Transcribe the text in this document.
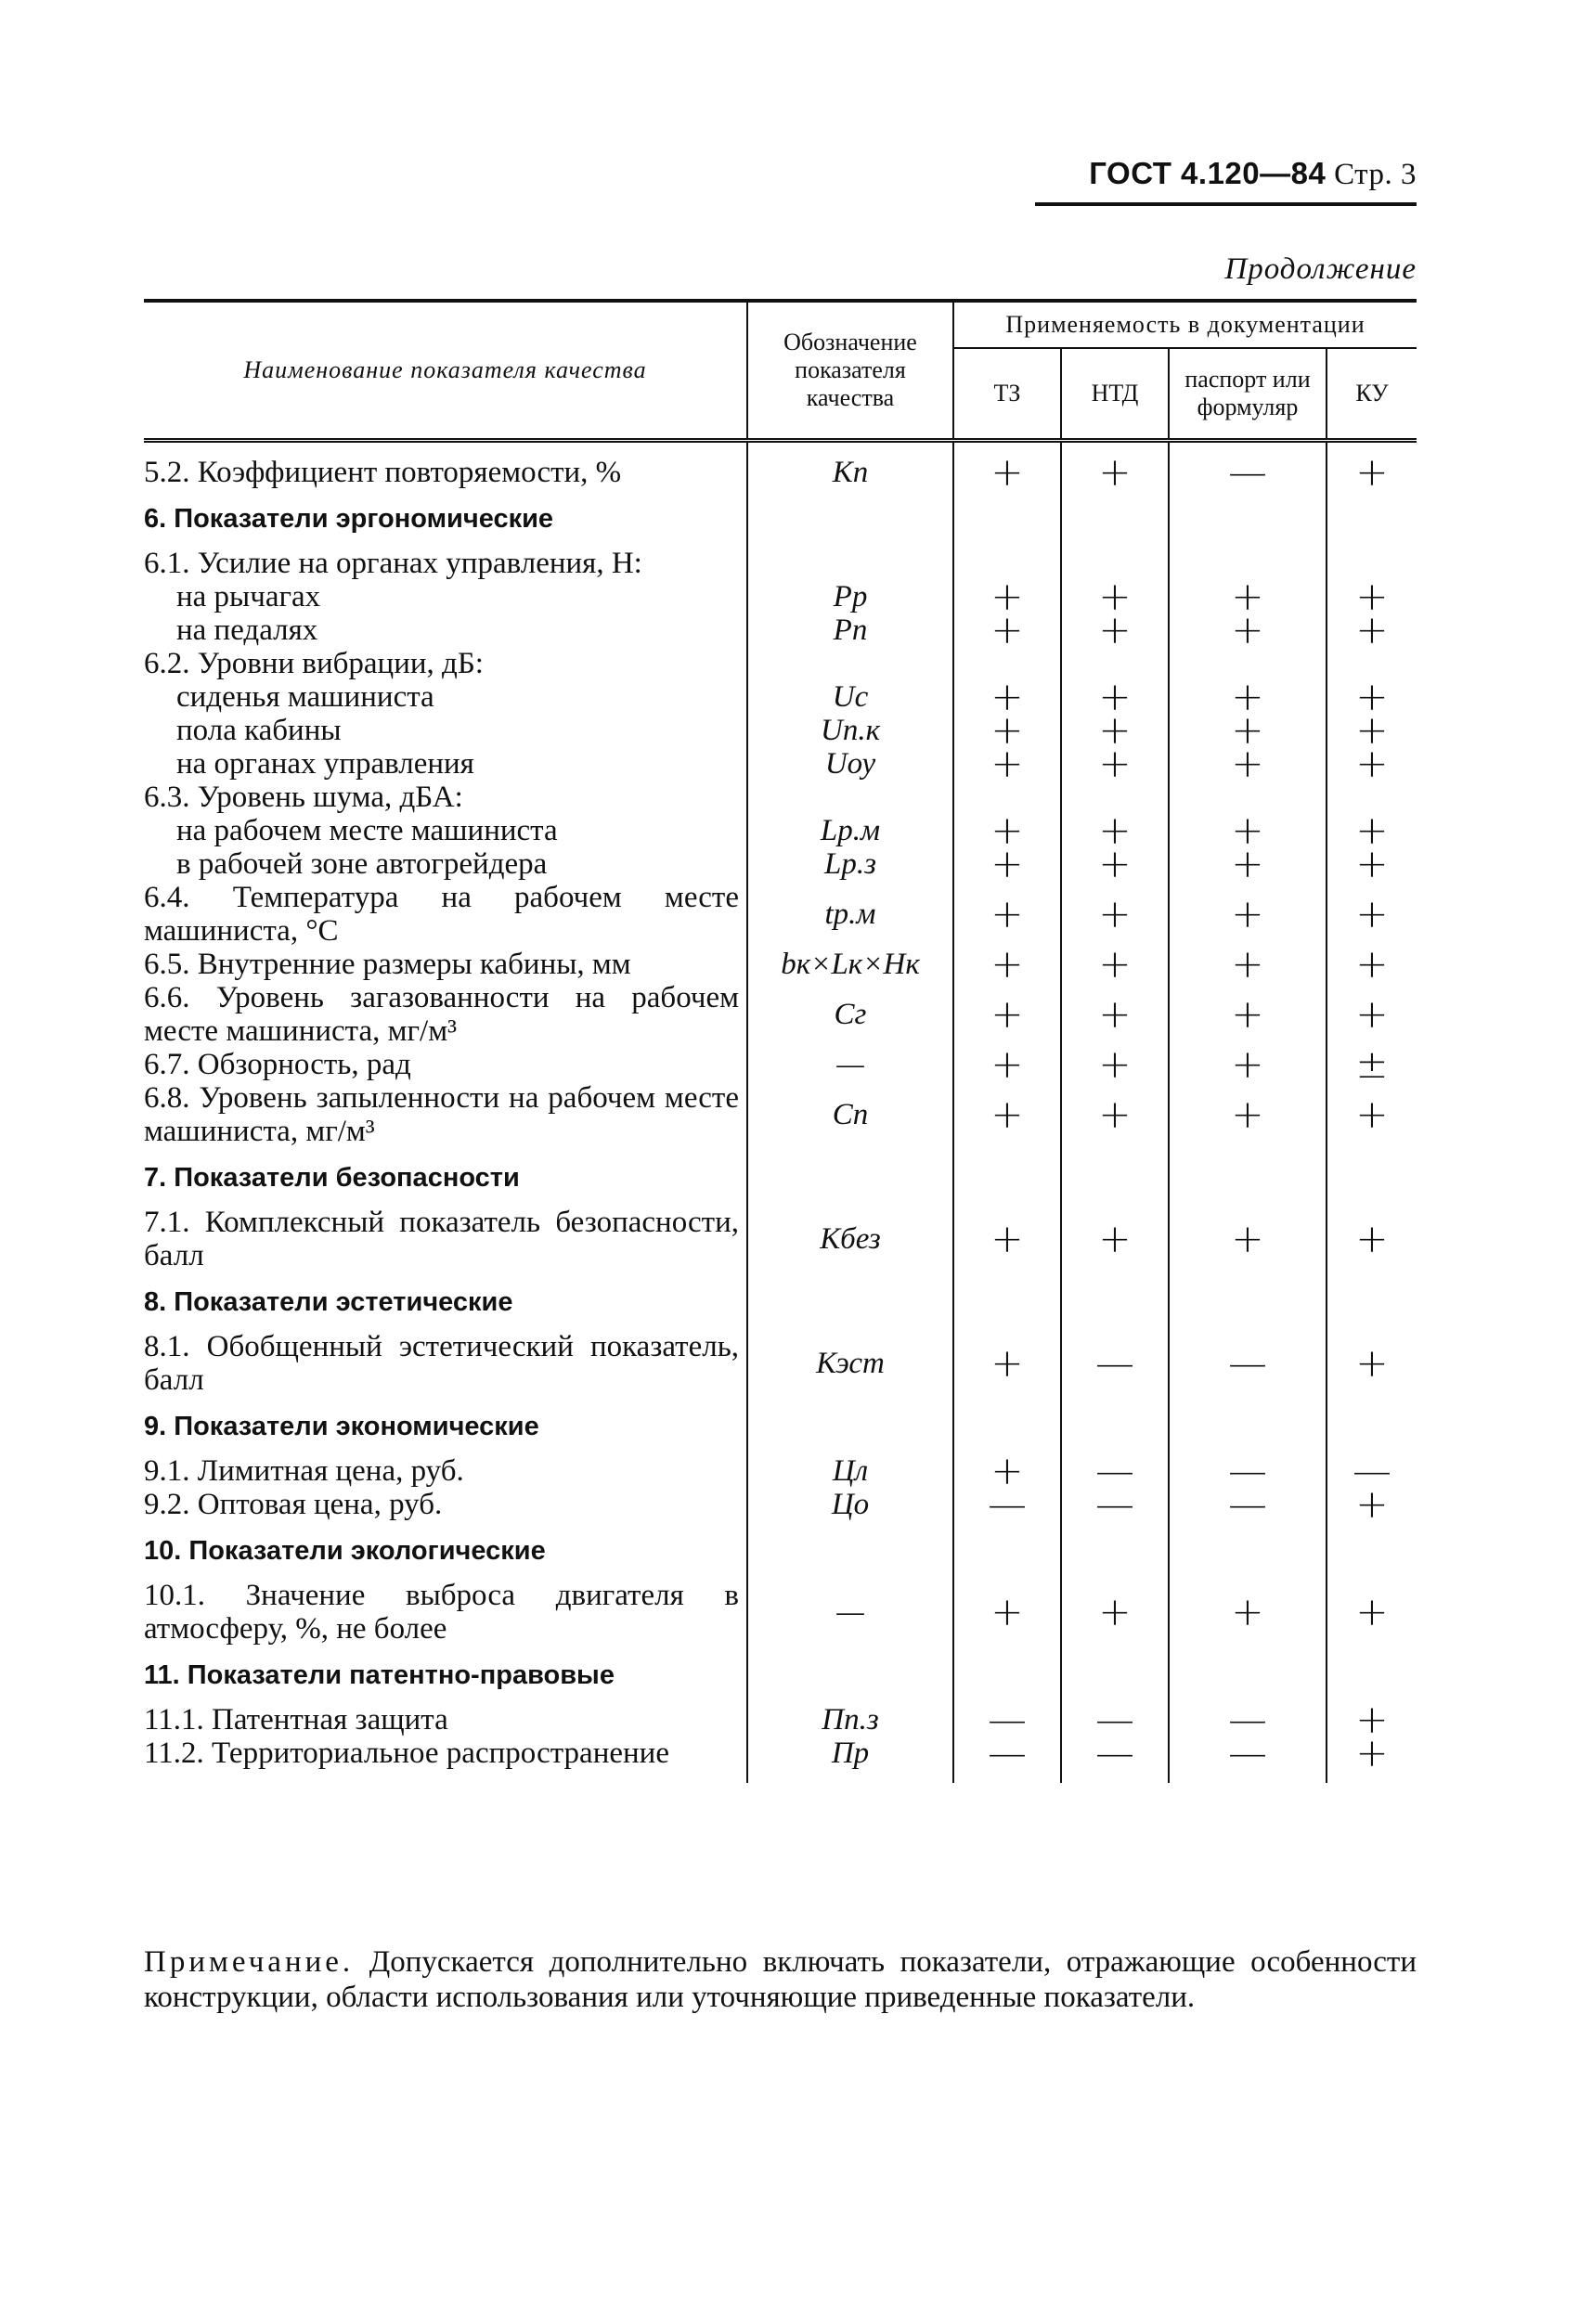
ГОСТ 4.120—84 Стр. 3
Продолжение
Наименование показателя качества	Обозначение показателя качества	Применяемость в документации			
		ТЗ	НТД	паспорт или формуляр	КУ

5.2. Коэффициент повторяемости, %	Кп	+	+	—	+
6. Показатели эргономические					
6.1. Усилие на органах управления, Н:					
на рычагах	Pр	+	+	+	+
на педалях	Pп	+	+	+	+
6.2. Уровни вибрации, дБ:					
сиденья машиниста	Uс	+	+	+	+
пола кабины	Uп.к	+	+	+	+
на органах управления	Uоу	+	+	+	+
6.3. Уровень шума, дБА:					
на рабочем месте машиниста	Lр.м	+	+	+	+
в рабочей зоне автогрейдера	Lр.з	+	+	+	+
6.4. Температура на рабочем месте машиниста, °С	tр.м	+	+	+	+
6.5. Внутренние размеры кабины, мм	bк×Lк×Hк	+	+	+	+
6.6. Уровень загазованности на рабочем месте машиниста, мг/м³	Сг	+	+	+	+
6.7. Обзорность, рад	—	+	+	+	±
6.8. Уровень запыленности на рабочем месте машиниста, мг/м³	Сп	+	+	+	+
7. Показатели безопасности					
7.1. Комплексный показатель безопасности, балл	Кбез	+	+	+	+
8. Показатели эстетические					
8.1. Обобщенный эстетический показатель, балл	Кэст	+	—	—	+
9. Показатели экономические					
9.1. Лимитная цена, руб.	Цл	+	—	—	—
9.2. Оптовая цена, руб.	Цо	—	—	—	+
10. Показатели экологические					
10.1. Значение выброса двигателя в атмосферу, %, не более	—	+	+	+	+
11. Показатели патентно-правовые					
11.1. Патентная защита	Пп.з	—	—	—	+
11.2. Территориальное распространение	Пр	—	—	—	+

Примечание. Допускается дополнительно включать показатели, отражающие особенности конструкции, области использования или уточняющие приведенные показатели.
